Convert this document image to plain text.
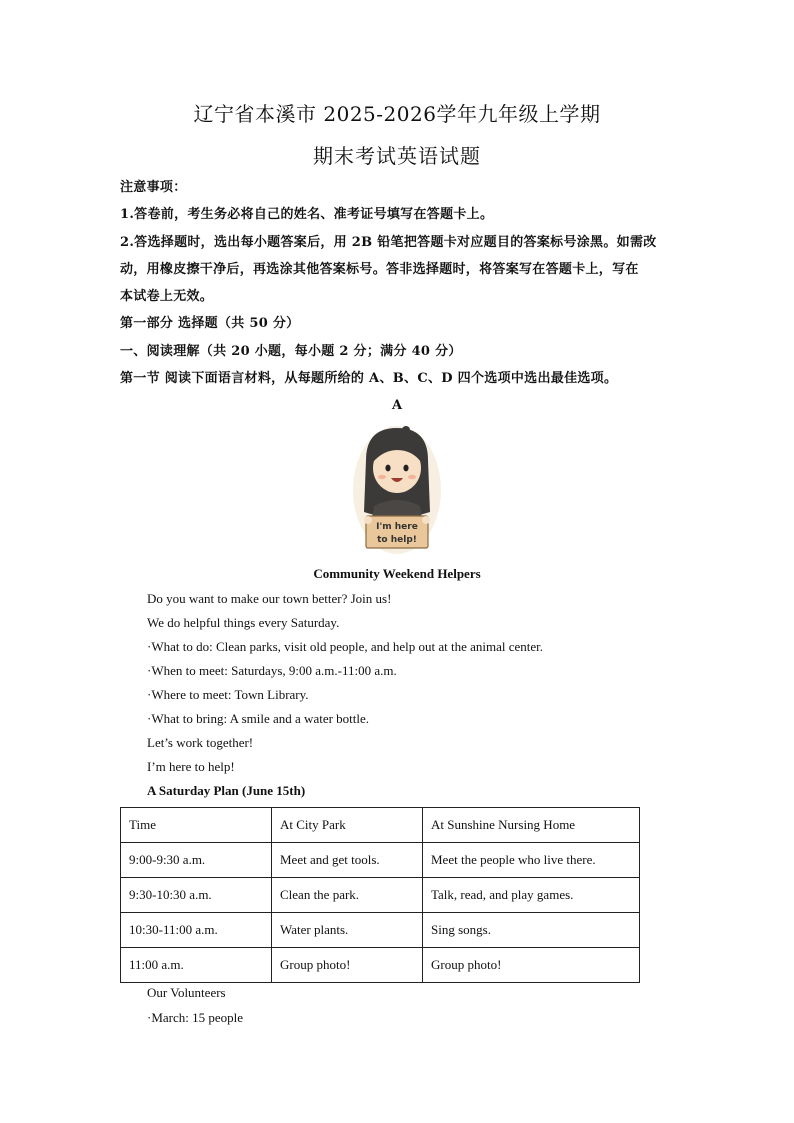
辽宁省本溪市 2025-2026学年九年级上学期
期末考试英语试题
注意事项：
1.答卷前，考生务必将自己的姓名、准考证号填写在答题卡上。
2.答选择题时，选出每小题答案后，用 2B 铅笔把答题卡对应题目的答案标号涂黑。如需改
动，用橡皮擦干净后，再选涂其他答案标号。答非选择题时，将答案写在答题卡上，写在
本试卷上无效。
第一部分 选择题（共 50 分）
一、阅读理解（共 20 小题，每小题 2 分；满分 40 分）
第一节 阅读下面语言材料，从每题所给的 A、B、C、D 四个选项中选出最佳选项。
A
I'm here
to help!
Community Weekend Helpers
Do you want to make our town better? Join us!
We do helpful things every Saturday.
·What to do: Clean parks, visit old people, and help out at the animal center.
·When to meet: Saturdays, 9:00 a.m.-11:00 a.m.
·Where to meet: Town Library.
·What to bring: A smile and a water bottle.
Let’s work together!
I’m here to help!
A Saturday Plan (June 15th)
Time	At City Park	At Sunshine Nursing Home
9:00-9:30 a.m.	Meet and get tools.	Meet the people who live there.
9:30-10:30 a.m.	Clean the park.	Talk, read, and play games.
10:30-11:00 a.m.	Water plants.	Sing songs.
11:00 a.m.	Group photo!	Group photo!
Our Volunteers
·March: 15 people
